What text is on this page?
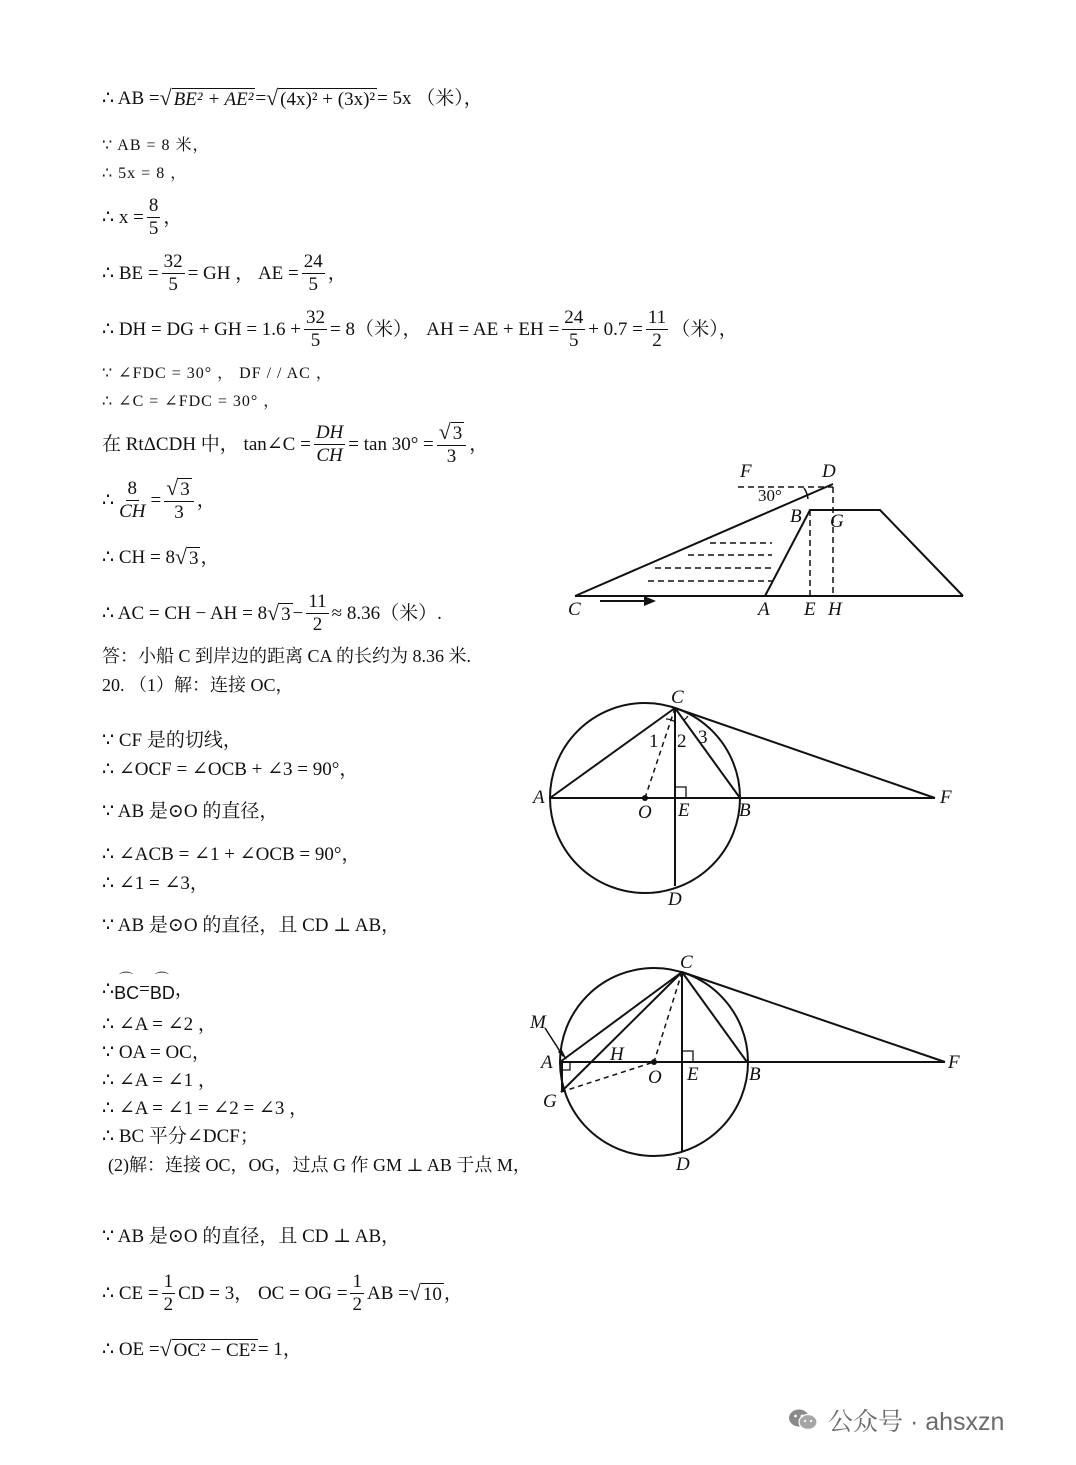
∴ AB = √ BE² + AE² = √ (4x)² + (3x)² = 5x （米），
∵ AB = 8 米，
∴ 5x = 8 ，
∴ $x = \frac{8}{5}$ ，
∴ BE = $\frac{32}{5}$ = GH ， AE = $\frac{24}{5}$ ，
∴ DH = DG + GH = $1.6 + \frac{32}{5} = 8$（米）， AH = AE + EH = $\frac{24}{5} + 0.7 = \frac{11}{2}$ （米），
∵ ∠FDC = 30° ， DF / / AC ，
∴ ∠C = ∠FDC = 30° ，
在 RtΔCDH 中， tan∠C = $\frac{DH}{CH} = \tan 30^\circ = \frac{√ 3}{3}$ ，
∴ $\frac{8}{CH} = \frac{√ 3}{3}$ ，
∴ CH = 8 √ 3 ，
∴ AC = CH − AH = 8 √ $3 - \frac{11}{2} \approx 8.36$（米）.
答：小船 C 到岸边的距离 CA 的长约为 8.36 米.
20. （1）解：连接 OC，
∵ CF 是的切线，
∴ ∠OCF = ∠OCB + ∠3 = 90°，
∵ AB 是⊙O 的直径，
∴ ∠ACB = ∠1 + ∠OCB = 90°，
∴ ∠1 = ∠3，
∵ AB 是⊙O 的直径，且 CD ⊥ AB，
∴ ⌒
BC = ⌒
BD ，
∴ ∠A = ∠2 ，
∵ OA = OC，
∴ ∠A = ∠1 ，
∴ ∠A = ∠1 = ∠2 = ∠3 ，
∴ BC 平分∠DCF；
(2)解：连接 OC，OG，过点 G 作 GM ⊥ AB 于点 M，
∵ AB 是⊙O 的直径，且 CD ⊥ AB，
∴ CE = $\frac{1}{2}$ CD = 3， OC = OG = $\frac{1}{2}$ AB = √ 10 ，
∴ OE = √ OC² − CE² = 1，
F	D
30°
B G
C	A E H
C
1 2 3
A
O E	B
F
D
C
M
A	H
O E	B
F
G
D
公众号 · ahsxzn
